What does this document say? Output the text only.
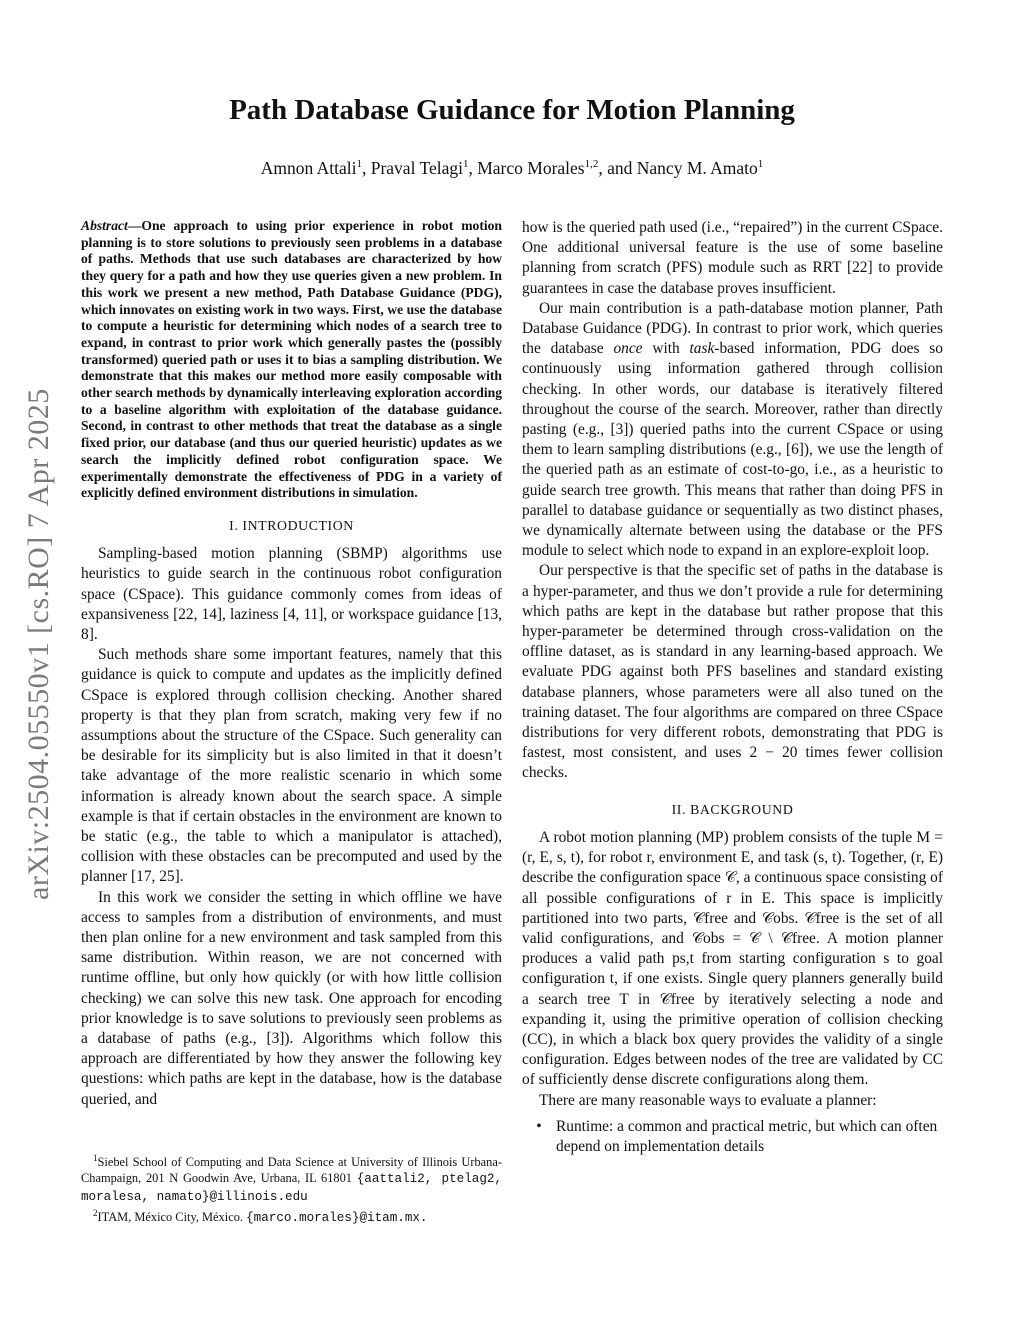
arXiv:2504.05550v1 [cs.RO] 7 Apr 2025
Path Database Guidance for Motion Planning
Amnon Attali$^1$, Praval Telagi$^1$, Marco Morales$^{1,2}$, and Nancy M. Amato$^1$
Abstract—One approach to using prior experience in robot motion planning is to store solutions to previously seen problems in a database of paths. Methods that use such databases are characterized by how they query for a path and how they use queries given a new problem. In this work we present a new method, Path Database Guidance (PDG), which innovates on existing work in two ways. First, we use the database to compute a heuristic for determining which nodes of a search tree to expand, in contrast to prior work which generally pastes the (possibly transformed) queried path or uses it to bias a sampling distribution. We demonstrate that this makes our method more easily composable with other search methods by dynamically interleaving exploration according to a baseline algorithm with exploitation of the database guidance. Second, in contrast to other methods that treat the database as a single fixed prior, our database (and thus our queried heuristic) updates as we search the implicitly defined robot configuration space. We experimentally demonstrate the effectiveness of PDG in a variety of explicitly defined environment distributions in simulation.
I. INTRODUCTION

Sampling-based motion planning (SBMP) algorithms use heuristics to guide search in the continuous robot configuration space (CSpace). This guidance commonly comes from ideas of expansiveness [22, 14], laziness [4, 11], or workspace guidance [13, 8].

Such methods share some important features, namely that this guidance is quick to compute and updates as the implicitly defined CSpace is explored through collision checking. Another shared property is that they plan from scratch, making very few if no assumptions about the structure of the CSpace. Such generality can be desirable for its simplicity but is also limited in that it doesn’t take advantage of the more realistic scenario in which some information is already known about the search space. A simple example is that if certain obstacles in the environment are known to be static (e.g., the table to which a manipulator is attached), collision with these obstacles can be precomputed and used by the planner [17, 25].

In this work we consider the setting in which offline we have access to samples from a distribution of environments, and must then plan online for a new environment and task sampled from this same distribution. Within reason, we are not concerned with runtime offline, but only how quickly (or with how little collision checking) we can solve this new task. One approach for encoding prior knowledge is to save solutions to previously seen problems as a database of paths (e.g., [3]). Algorithms which follow this approach are differentiated by how they answer the following key questions: which paths are kept in the database, how is the database queried, and

$^1$Siebel School of Computing and Data Science at University of Illinois Urbana-Champaign, 201 N Goodwin Ave, Urbana, IL 61801 {aattali2, ptelag2, moralesa, namato}@illinois.edu

$^2$ITAM, México City, México. {marco.morales}@itam.mx.

how is the queried path used (i.e., “repaired”) in the current CSpace. One additional universal feature is the use of some baseline planning from scratch (PFS) module such as RRT [22] to provide guarantees in case the database proves insufficient.

Our main contribution is a path-database motion planner, Path Database Guidance (PDG). In contrast to prior work, which queries the database once with task-based information, PDG does so continuously using information gathered through collision checking. In other words, our database is iteratively filtered throughout the course of the search. Moreover, rather than directly pasting (e.g., [3]) queried paths into the current CSpace or using them to learn sampling distributions (e.g., [6]), we use the length of the queried path as an estimate of cost-to-go, i.e., as a heuristic to guide search tree growth. This means that rather than doing PFS in parallel to database guidance or sequentially as two distinct phases, we dynamically alternate between using the database or the PFS module to select which node to expand in an explore-exploit loop.

Our perspective is that the specific set of paths in the database is a hyper-parameter, and thus we don’t provide a rule for determining which paths are kept in the database but rather propose that this hyper-parameter be determined through cross-validation on the offline dataset, as is standard in any learning-based approach. We evaluate PDG against both PFS baselines and standard existing database planners, whose parameters were all also tuned on the training dataset. The four algorithms are compared on three CSpace distributions for very different robots, demonstrating that PDG is fastest, most consistent, and uses 2 − 20 times fewer collision checks.

II. BACKGROUND

A robot motion planning (MP) problem consists of the tuple M = (r, E, s, t), for robot r, environment E, and task (s, t). Together, (r, E) describe the configuration space 𝒞, a continuous space consisting of all possible configurations of r in E. This space is implicitly partitioned into two parts, 𝒞free and 𝒞obs. 𝒞free is the set of all valid configurations, and 𝒞obs = 𝒞 \ 𝒞free. A motion planner produces a valid path ps,t from starting configuration s to goal configuration t, if one exists. Single query planners generally build a search tree T in 𝒞free by iteratively selecting a node and expanding it, using the primitive operation of collision checking (CC), in which a black box query provides the validity of a single configuration. Edges between nodes of the tree are validated by CC of sufficiently dense discrete configurations along them.

There are many reasonable ways to evaluate a planner:

• Runtime: a common and practical metric, but which can often depend on implementation details
